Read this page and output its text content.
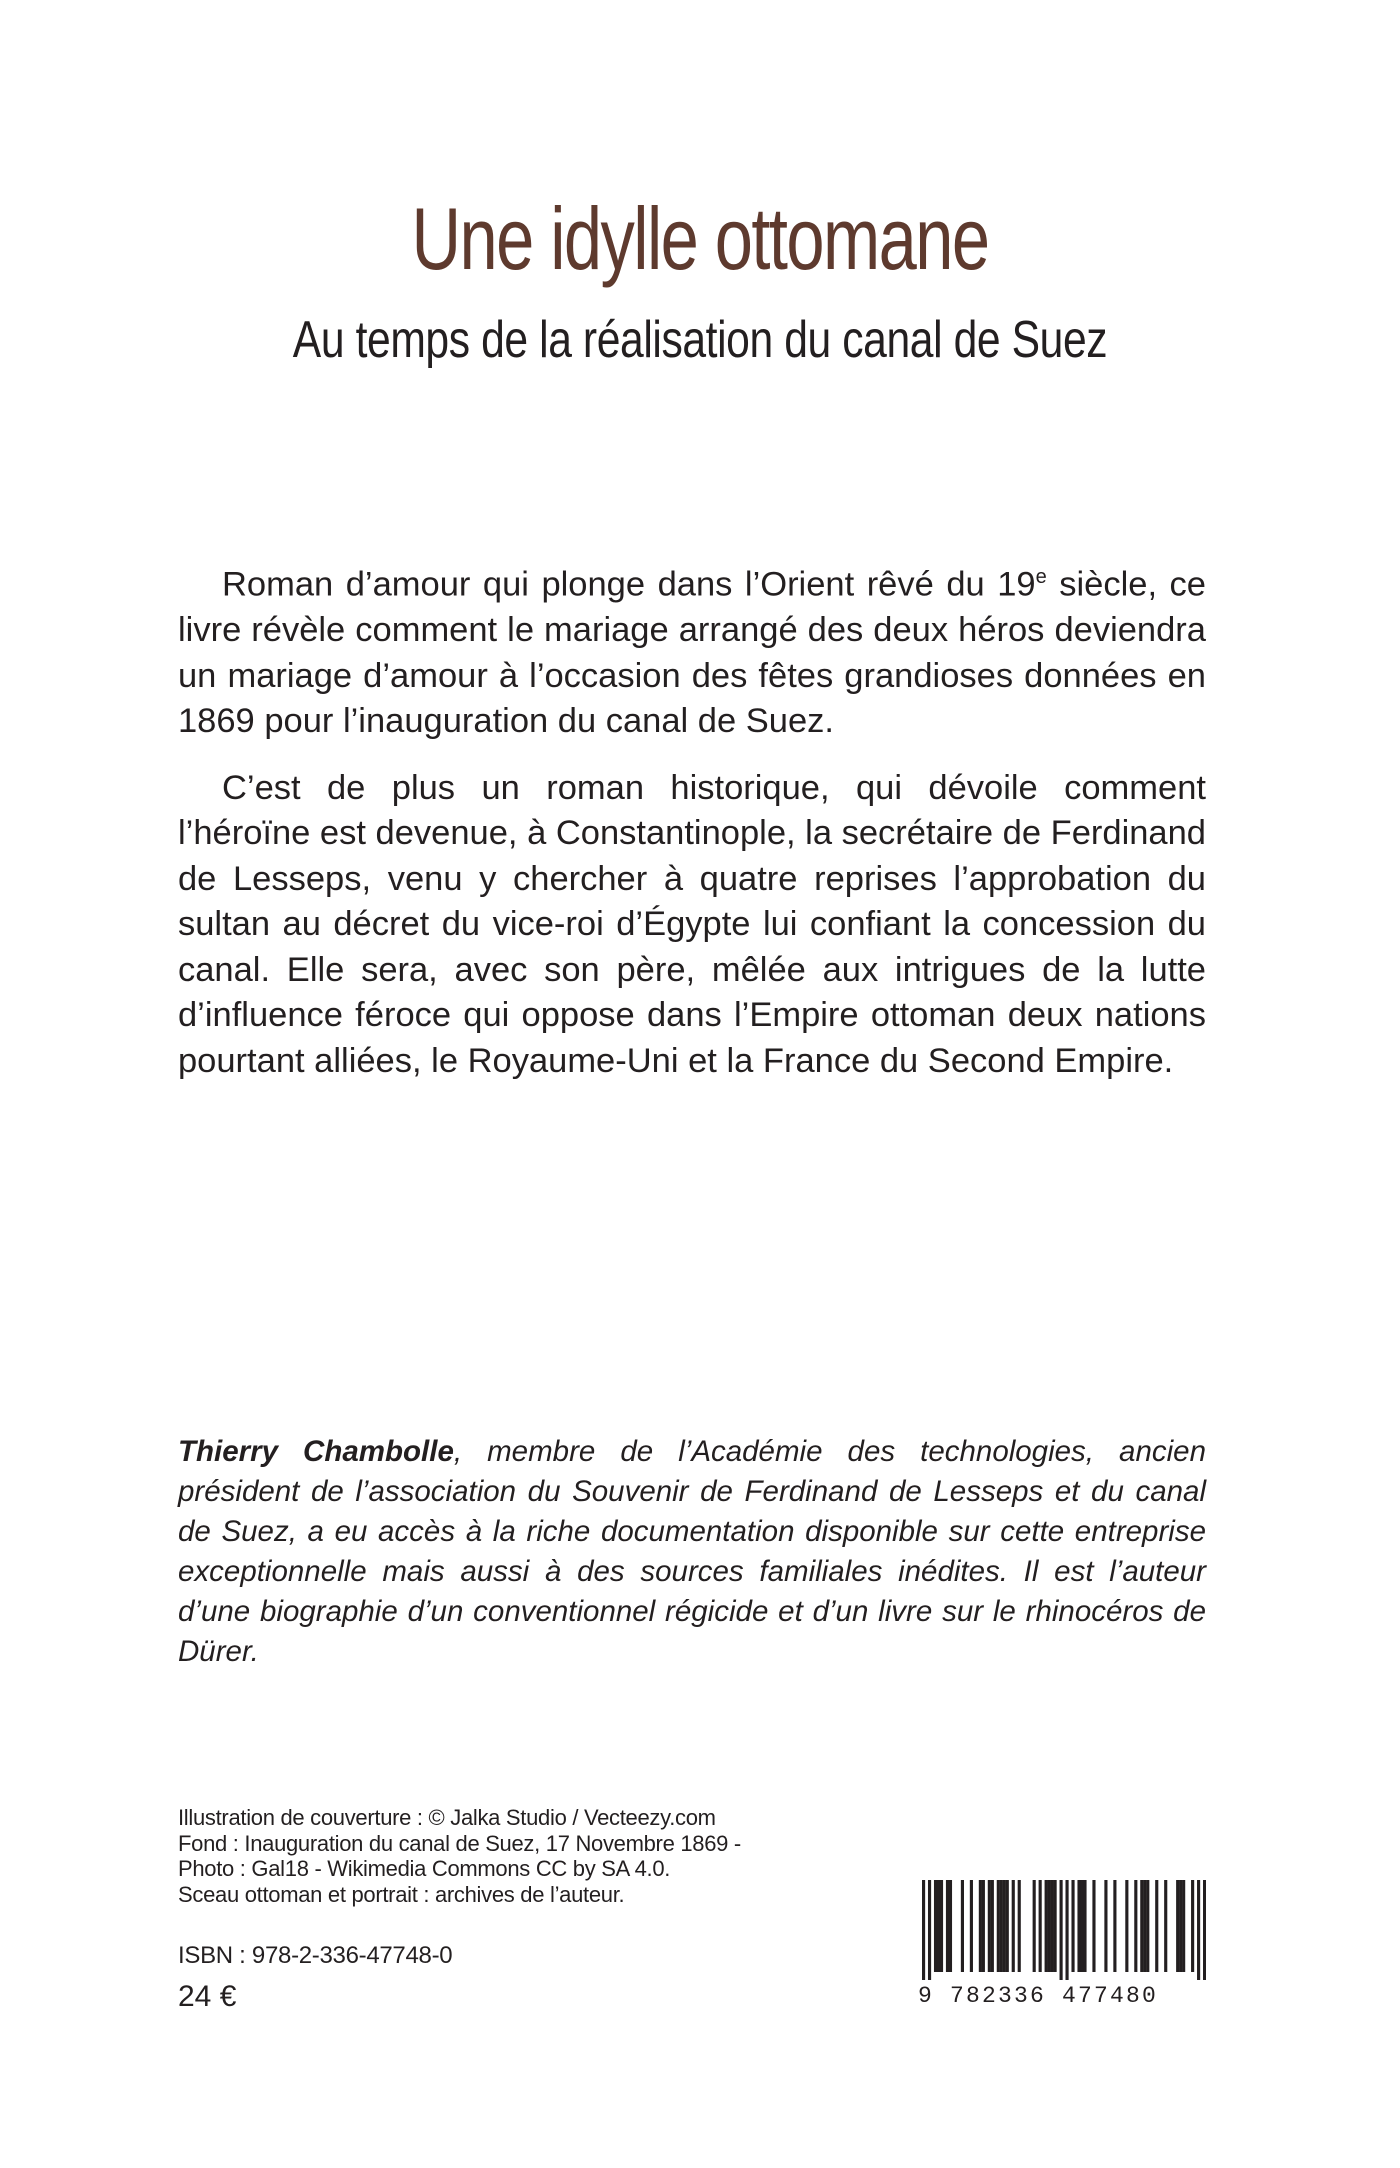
Une idylle ottomane
Au temps de la réalisation du canal de Suez

Roman d’amour qui plonge dans l’Orient rêvé du 19e siècle, ce livre révèle comment le mariage arrangé des deux héros deviendra un mariage d’amour à l’occasion des fêtes grandioses données en 1869 pour l’inauguration du canal de Suez.

C’est de plus un roman historique, qui dévoile comment l’héroïne est devenue, à Constantinople, la secrétaire de Ferdinand de Lesseps, venu y chercher à quatre reprises l’approbation du sultan au décret du vice-roi d’Égypte lui confiant la concession du canal. Elle sera, avec son père, mêlée aux intrigues de la lutte d’influence féroce qui oppose dans l’Empire ottoman deux nations pourtant alliées, le Royaume-Uni et la France du Second Empire.

Thierry Chambolle, membre de l’Académie des technologies, ancien président de l’association du Souvenir de Ferdinand de Lesseps et du canal de Suez, a eu accès à la riche documentation disponible sur cette entreprise exceptionnelle mais aussi à des sources familiales inédites. Il est l’auteur d’une biographie d’un conventionnel régicide et d’un livre sur le rhinocéros de Dürer.
Illustration de couverture : © Jalka Studio / Vecteezy.com
Fond : Inauguration du canal de Suez, 17 Novembre 1869 -
Photo : Gal18 - Wikimedia Commons CC by SA 4.0.
Sceau ottoman et portrait : archives de l’auteur.
ISBN : 978-2-336-47748-0
24 €	9 782336 477480
